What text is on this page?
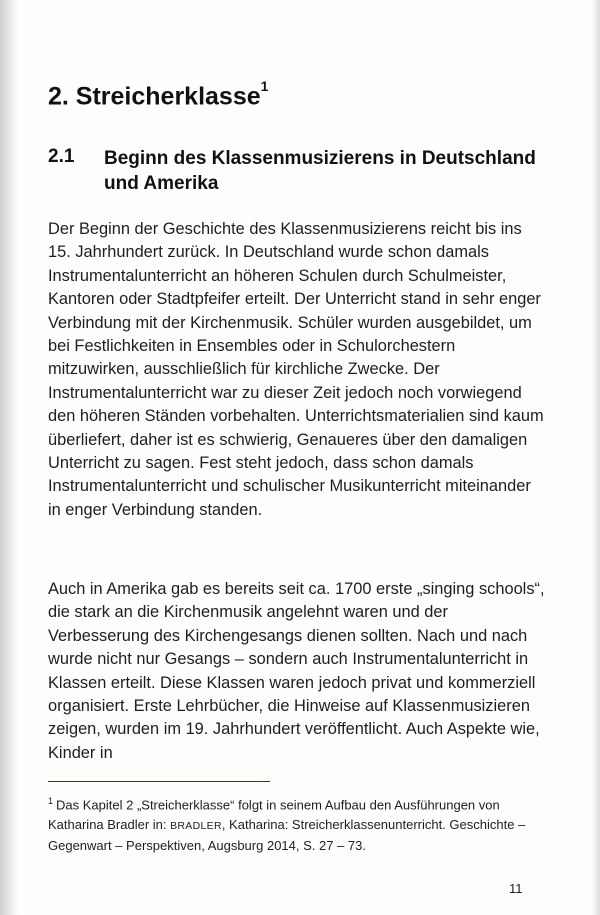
2. Streicherklasse$^1$
2.1 Beginn des Klassenmusizierens in Deutschland und Amerika
Der Beginn der Geschichte des Klassenmusizierens reicht bis ins 15. Jahrhundert zurück. In Deutschland wurde schon damals Instrumentalunterricht an höheren Schulen durch Schulmeister, Kantoren oder Stadtpfeifer erteilt. Der Unterricht stand in sehr enger Verbindung mit der Kirchenmusik. Schüler wurden ausgebildet, um bei Festlichkeiten in Ensembles oder in Schulorchestern mitzuwirken, ausschließlich für kirchliche Zwecke. Der Instrumentalunterricht war zu dieser Zeit jedoch noch vorwiegend den höheren Ständen vorbehalten. Unterrichtsmaterialien sind kaum überliefert, daher ist es schwierig, Genaueres über den damaligen Unterricht zu sagen. Fest steht jedoch, dass schon damals Instrumentalunterricht und schulischer Musikunterricht miteinander in enger Verbindung standen.
Auch in Amerika gab es bereits seit ca. 1700 erste „singing schools“, die stark an die Kirchenmusik angelehnt waren und der Verbesserung des Kirchengesangs dienen sollten. Nach und nach wurde nicht nur Gesangs – sondern auch Instrumentalunterricht in Klassen erteilt. Diese Klassen waren jedoch privat und kommerziell organisiert. Erste Lehrbücher, die Hinweise auf Klassenmusizieren zeigen, wurden im 19. Jahrhundert veröffentlicht. Auch Aspekte wie, Kinder in
$^1$ Das Kapitel 2 „Streicherklasse“ folgt in seinem Aufbau den Ausführungen von Katharina Bradler in: BRADLER, Katharina: Streicherklassenunterricht. Geschichte – Gegenwart – Perspektiven, Augsburg 2014, S. 27 – 73.
11
